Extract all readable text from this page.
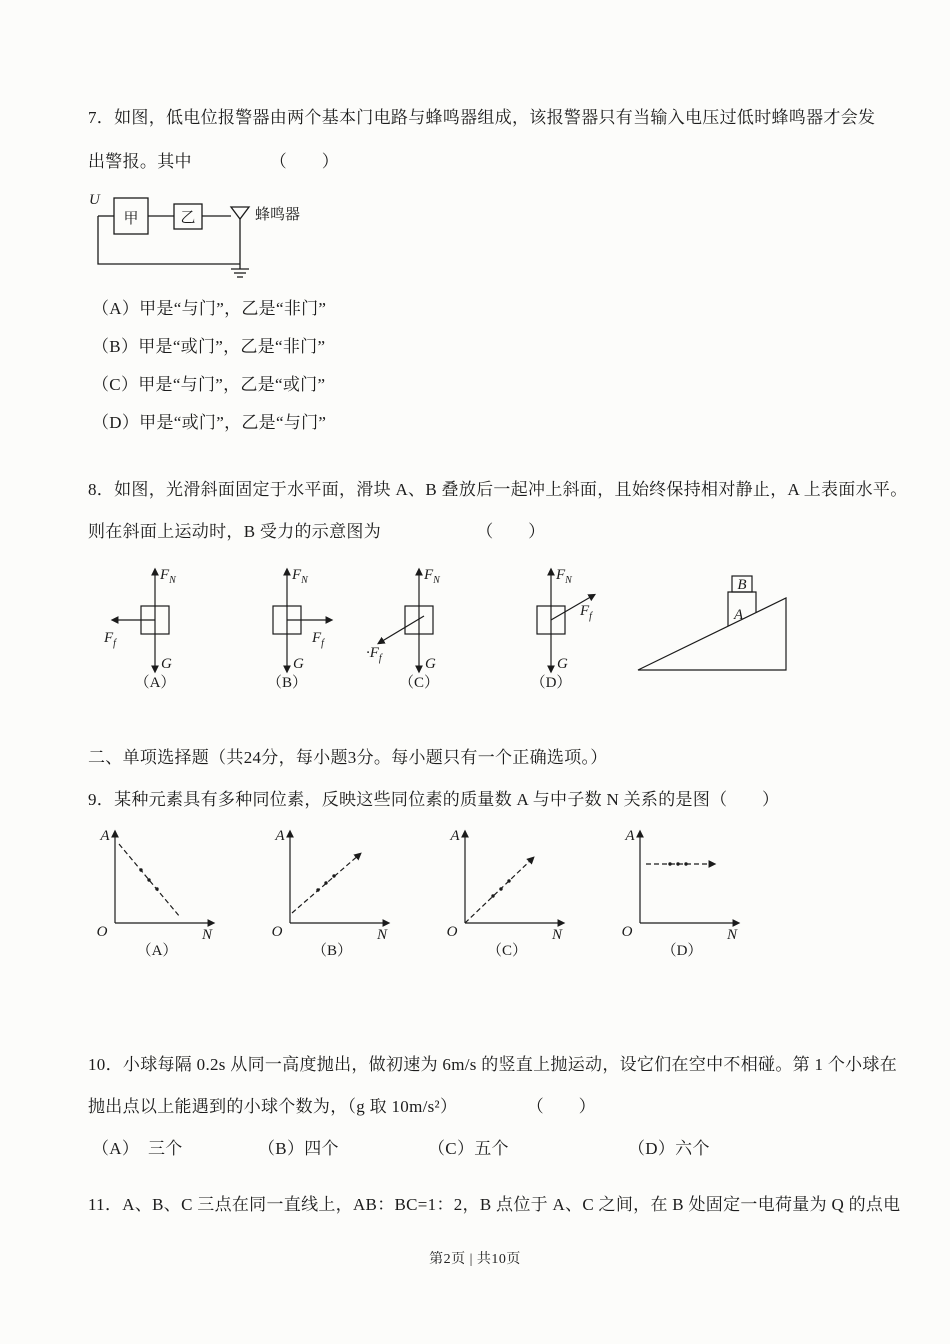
7．如图，低电位报警器由两个基本门电路与蜂鸣器组成，该报警器只有当输入电压过低时蜂鸣器才会发
出警报。其中　　　　　（　　）
U
甲	乙	蜂鸣器
（A）甲是“与门”，乙是“非门”
（B）甲是“或门”，乙是“非门”
（C）甲是“与门”，乙是“或门”
（D）甲是“或门”，乙是“与门”
8．如图，光滑斜面固定于水平面，滑块 A、B 叠放后一起冲上斜面，且始终保持相对静止，A 上表面水平。
则在斜面上运动时，B 受力的示意图为　　　　　　（　　）
$F_N$
$F_f$
G
（A）
$F_N$
$F_f$
G
（B）
$F_N$
$\cdot F_f$	G
（C）
$F_N$
$F_f$
G
（D）
A
B
二、单项选择题（共24分，每小题3分。每小题只有一个正确选项。）
9．某种元素具有多种同位素，反映这些同位素的质量数 A 与中子数 N 关系的是图（　　）
A
O	N
（A）
A
O	N
（B）
A
O	N
（C）
A
O	N
（D）
10．小球每隔 0.2s 从同一高度抛出，做初速为 6m/s 的竖直上抛运动，设它们在空中不相碰。第 1 个小球在
抛出点以上能遇到的小球个数为，（g 取 10m/s²）　　　　　（　　）
（A）　三个	（B）四个	（C）五个	（D）六个
11．A、B、C 三点在同一直线上，AB：BC=1：2，B 点位于 A、C 之间，在 B 处固定一电荷量为 Q 的点电
第2页 | 共10页
